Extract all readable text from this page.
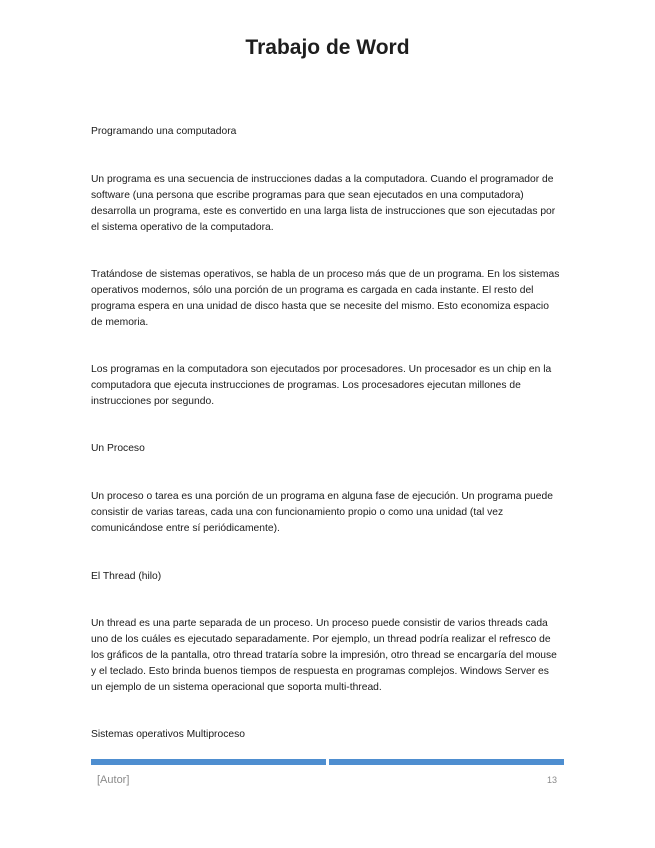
Trabajo de Word

Programando una computadora

Un programa es una secuencia de instrucciones dadas a la computadora. Cuando el programador de software (una persona que escribe programas para que sean ejecutados en una computadora) desarrolla un programa, este es convertido en una larga lista de instrucciones que son ejecutadas por el sistema operativo de la computadora.

Tratándose de sistemas operativos, se habla de un proceso más que de un programa. En los sistemas operativos modernos, sólo una porción de un programa es cargada en cada instante. El resto del programa espera en una unidad de disco hasta que se necesite del mismo. Esto economiza espacio de memoria.

Los programas en la computadora son ejecutados por procesadores. Un procesador es un chip en la computadora que ejecuta instrucciones de programas. Los procesadores ejecutan millones de instrucciones por segundo.

Un Proceso

Un proceso o tarea es una porción de un programa en alguna fase de ejecución. Un programa puede consistir de varias tareas, cada una con funcionamiento propio o como una unidad (tal vez comunicándose entre sí periódicamente).

El Thread (hilo)

Un thread es una parte separada de un proceso. Un proceso puede consistir de varios threads cada uno de los cuáles es ejecutado separadamente. Por ejemplo, un thread podría realizar el refresco de los gráficos de la pantalla, otro thread trataría sobre la impresión, otro thread se encargaría del mouse y el teclado. Esto brinda buenos tiempos de respuesta en programas complejos. Windows Server es un ejemplo de un sistema operacional que soporta multi-thread.

Sistemas operativos Multiproceso

[Autor]	13
